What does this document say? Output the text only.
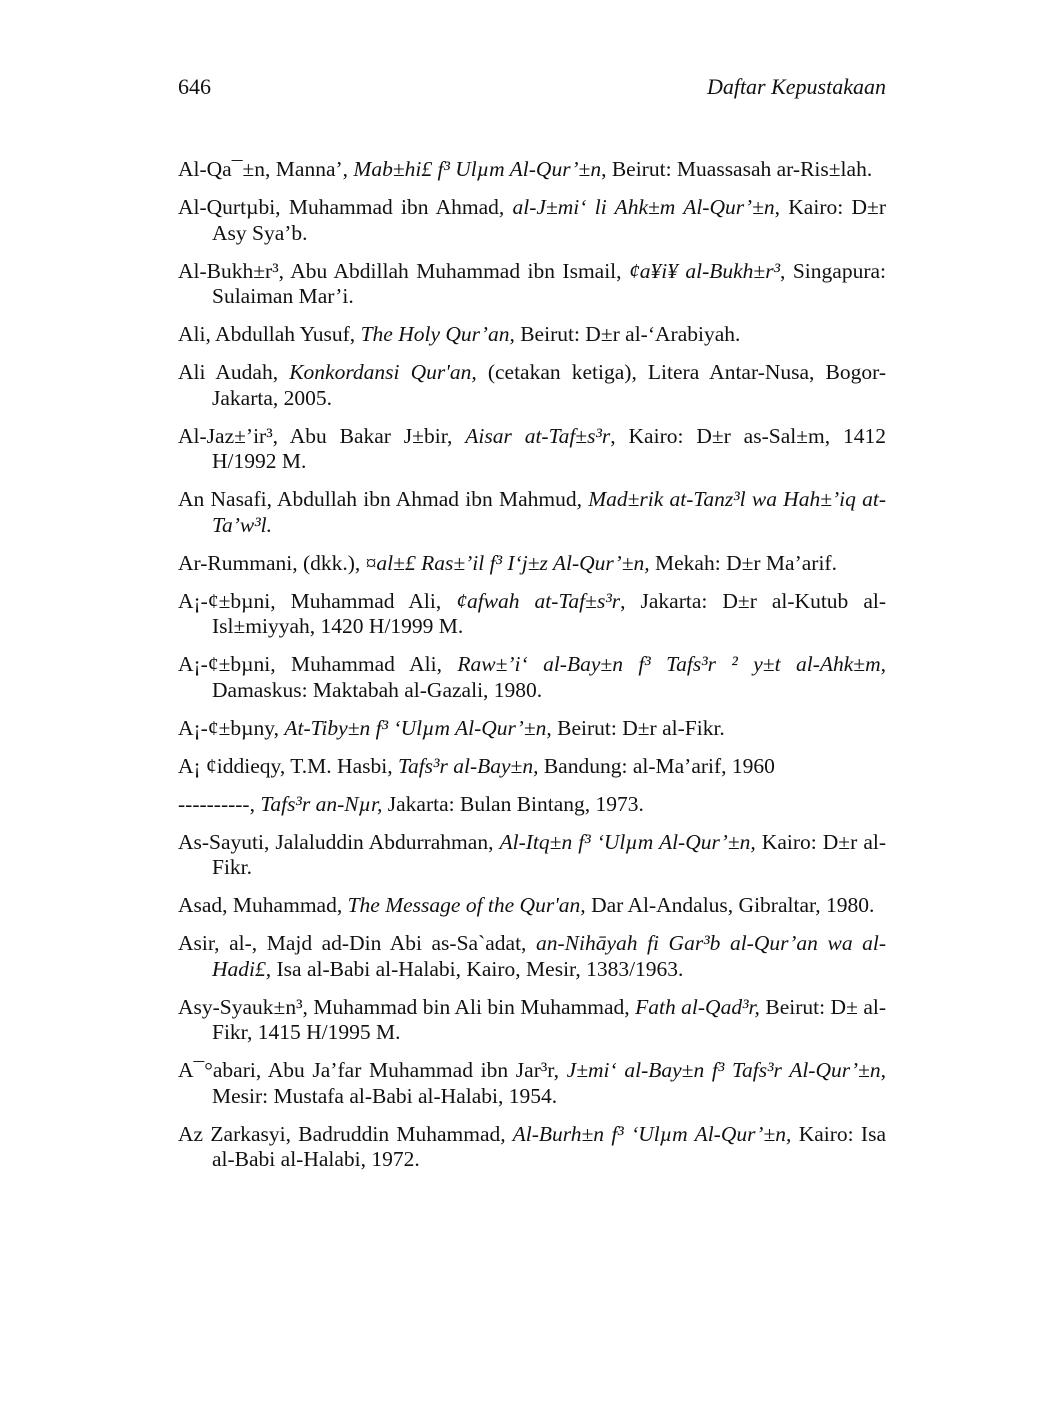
646	Daftar Kepustakaan

Al-Qa¯±n, Manna’, Mab±hi£ f³ Ulµm Al-Qur’±n, Beirut: Muassasah ar-Ris±lah.

Al-Qurtµbi, Muhammad ibn Ahmad, al-J±mi‘ li Ahk±m Al-Qur’±n, Kairo: D±r Asy Sya’b.

Al-Bukh±r³, Abu Abdillah Muhammad ibn Ismail, ¢a¥i¥ al-Bukh±r³, Singapura: Sulaiman Mar’i.

Ali, Abdullah Yusuf, The Holy Qur’an, Beirut: D±r al-‘Arabiyah.

Ali Audah, Konkordansi Qur'an, (cetakan ketiga), Litera Antar-Nusa, Bogor-Jakarta, 2005.

Al-Jaz±’ir³, Abu Bakar J±bir, Aisar at-Taf±s³r, Kairo: D±r as-Sal±m, 1412 H/1992 M.

An Nasafi, Abdullah ibn Ahmad ibn Mahmud, Mad±rik at-Tanz³l wa Hah±’iq at-Ta’w³l.

Ar-Rummani, (dkk.), ¤al±£ Ras±’il f³ I‘j±z Al-Qur’±n, Mekah: D±r Ma’arif.

A¡-¢±bµni, Muhammad Ali, ¢afwah at-Taf±s³r, Jakarta: D±r al-Kutub al-Isl±miyyah, 1420 H/1999 M.

A¡-¢±bµni, Muhammad Ali, Raw±’i‘ al-Bay±n f³ Tafs³r ² y±t al-Ahk±m, Damaskus: Maktabah al-Gazali, 1980.

A¡-¢±bµny, At-Tiby±n f³ ‘Ulµm Al-Qur’±n, Beirut: D±r al-Fikr.

A¡ ¢iddieqy, T.M. Hasbi, Tafs³r al-Bay±n, Bandung: al-Ma’arif, 1960

----------, Tafs³r an-Nµr, Jakarta: Bulan Bintang, 1973.

As-Sayuti, Jalaluddin Abdurrahman, Al-Itq±n f³ ‘Ulµm Al-Qur’±n, Kairo: D±r al-Fikr.

Asad, Muhammad, The Message of the Qur'an, Dar Al-Andalus, Gibraltar, 1980.

Asir, al-, Majd ad-Din Abi as-Sa`adat, an-Nihāyah fi Gar³b al-Qur’an wa al-Hadi£, Isa al-Babi al-Halabi, Kairo, Mesir, 1383/1963.

Asy-Syauk±n³, Muhammad bin Ali bin Muhammad, Fath al-Qad³r, Beirut: D± al-Fikr, 1415 H/1995 M.

A¯°abari, Abu Ja’far Muhammad ibn Jar³r, J±mi‘ al-Bay±n f³ Tafs³r Al-Qur’±n, Mesir: Mustafa al-Babi al-Halabi, 1954.

Az Zarkasyi, Badruddin Muhammad, Al-Burh±n f³ ‘Ulµm Al-Qur’±n, Kairo: Isa al-Babi al-Halabi, 1972.
